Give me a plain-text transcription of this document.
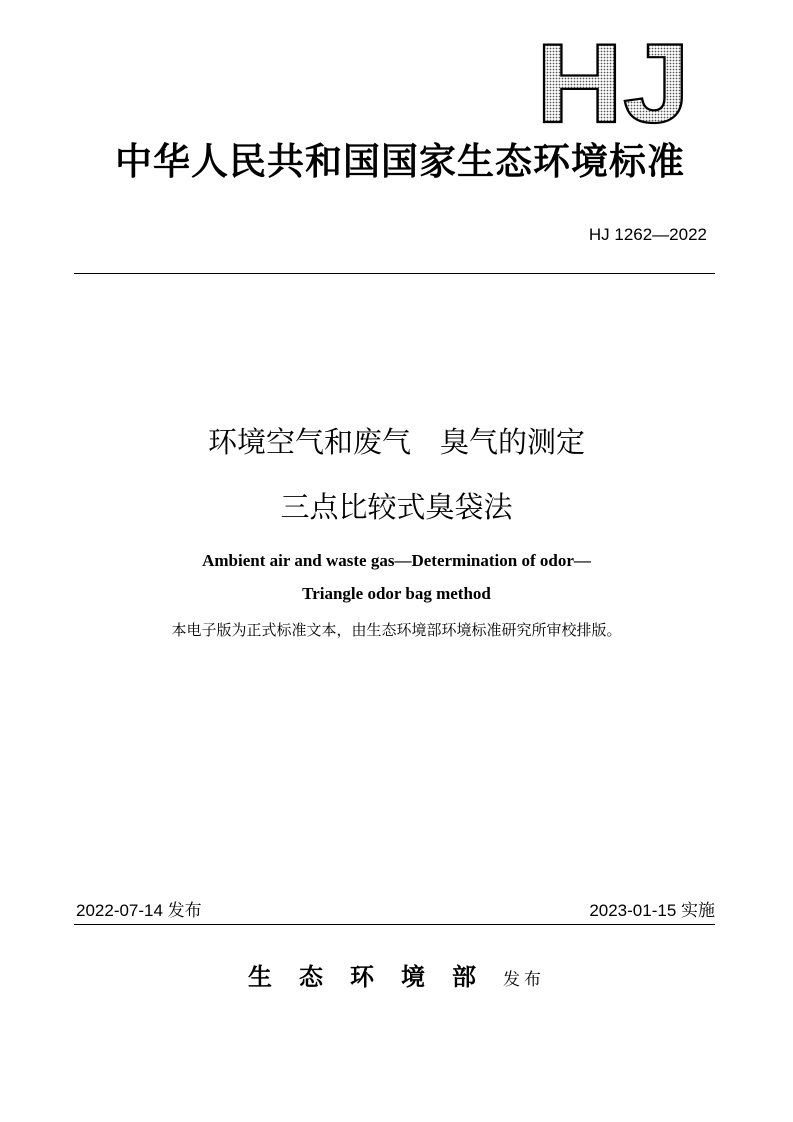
HJ
中华人民共和国国家生态环境标准
HJ 1262—2022
环境空气和废气　臭气的测定
三点比较式臭袋法
Ambient air and waste gas—Determination of odor—
Triangle odor bag method
本电子版为正式标准文本，由生态环境部环境标准研究所审校排版。
2022-07-14 发布	2023-01-15 实施
生态环境部发布
